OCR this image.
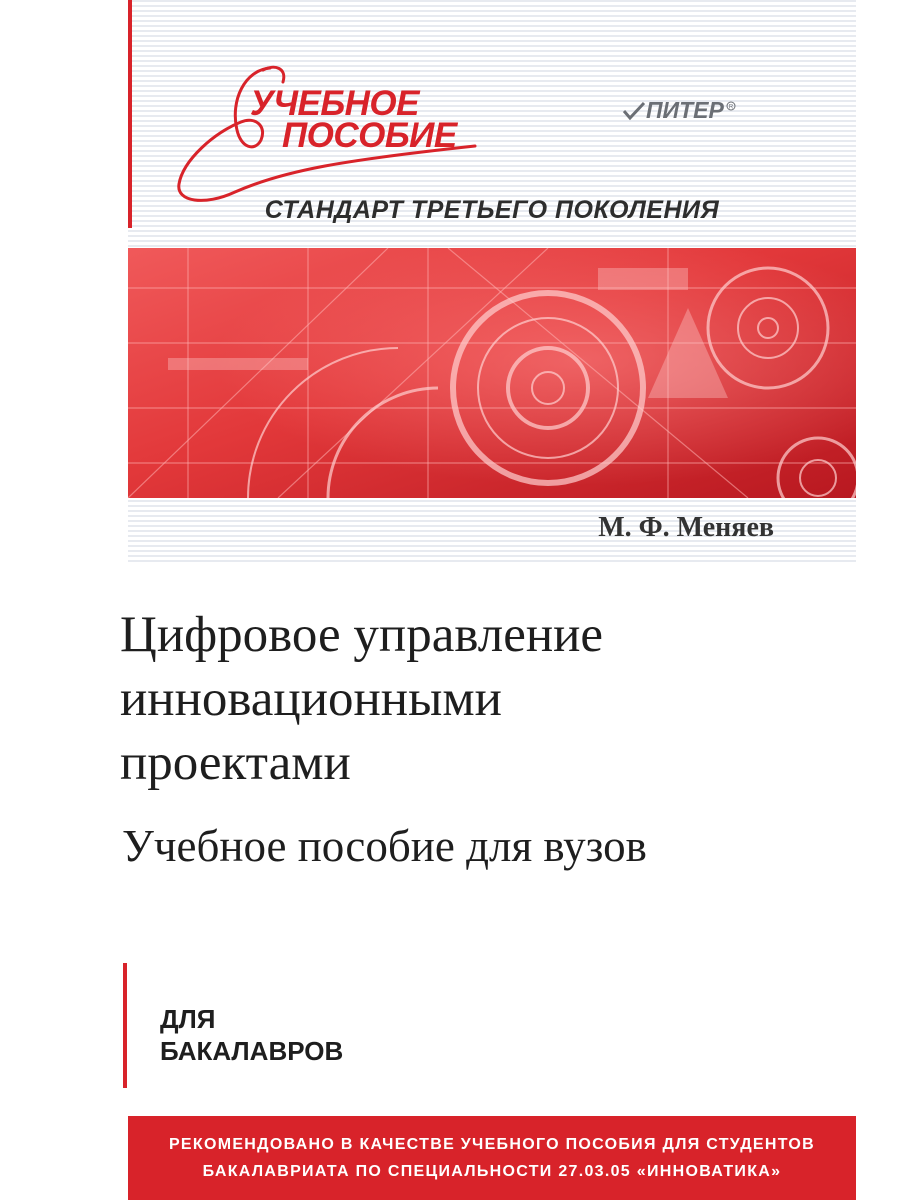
УЧЕБНОЕ
ПОСОБИЕ
ПИТЕР R
СТАНДАРТ ТРЕТЬЕГО ПОКОЛЕНИЯ
М. Ф. Меняев
Цифровое управление
инновационными
проектами
Учебное пособие для вузов
ДЛЯ
БАКАЛАВРОВ
РЕКОМЕНДОВАНО В КАЧЕСТВЕ УЧЕБНОГО ПОСОБИЯ ДЛЯ СТУДЕНТОВ
БАКАЛАВРИАТА ПО СПЕЦИАЛЬНОСТИ 27.03.05 «ИННОВАТИКА»
